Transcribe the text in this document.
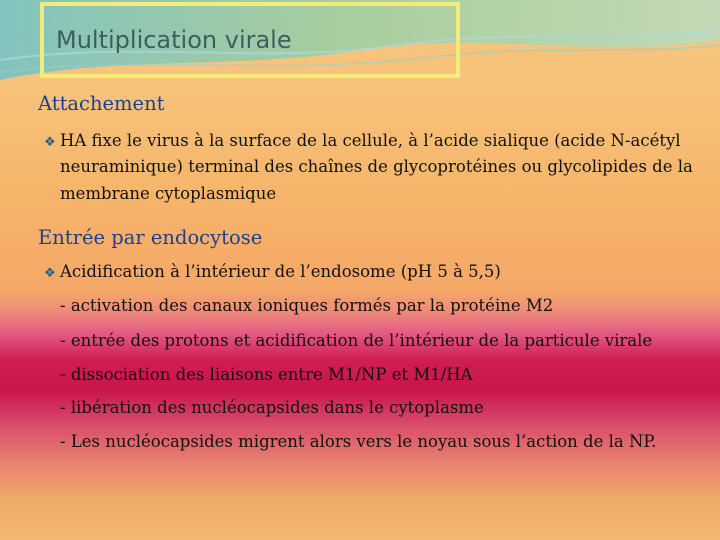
Multiplication virale
Attachement

❖ HA fixe le virus à la surface de la cellule, à l’acide sialique (acide N-acétyl neuraminique) terminal des chaînes de glycoprotéines ou glycolipides de la membrane cytoplasmique

Entrée par endocytose

❖ Acidification à l’intérieur de l’endosome (pH 5 à 5,5)

- activation des canaux ioniques formés par la protéine M2

- entrée des protons et acidification de l’intérieur de la particule virale

- dissociation des liaisons entre M1/NP et M1/HA

- libération des nucléocapsides dans le cytoplasme

- Les nucléocapsides migrent alors vers le noyau sous l’action de la NP.
